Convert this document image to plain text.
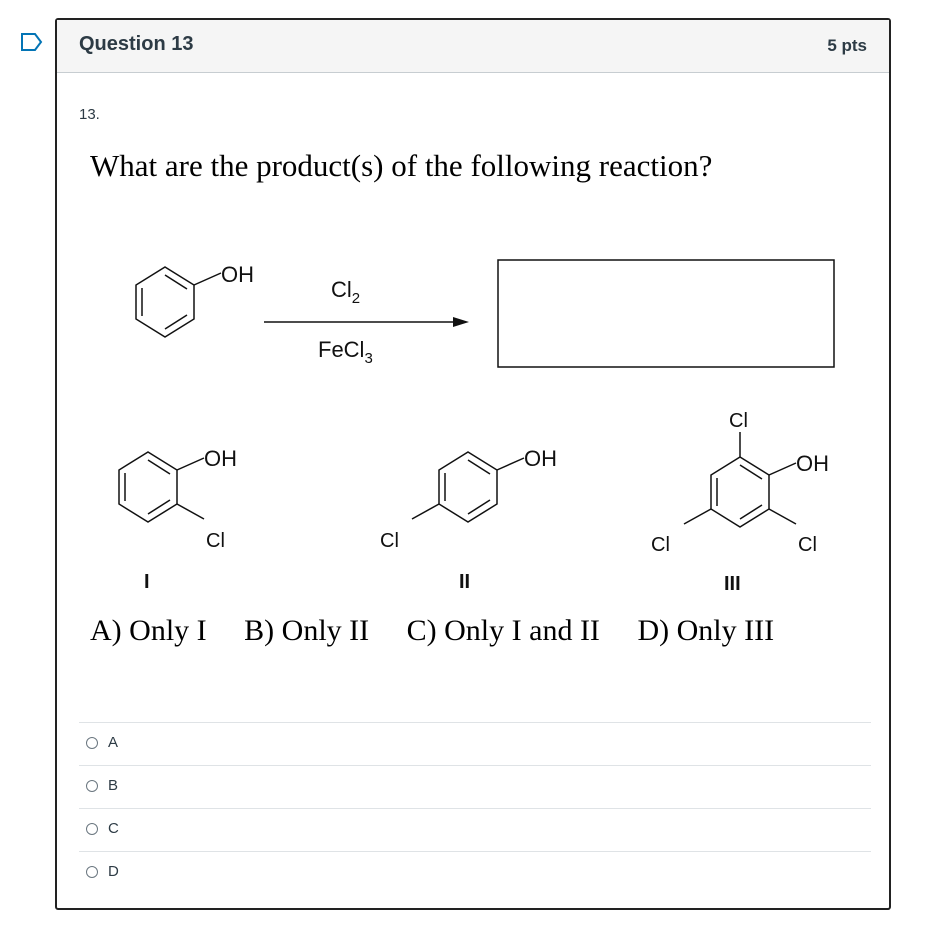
Question 13	5 pts
13.
What are the product(s) of the following reaction?
OH
$Cl_2$
FeCl$_3$
OH
Cl
I
OH
Cl
II
Cl
OH
Cl	Cl
III
A) Only I B) Only II C) Only I and II D) Only III
A
B
C
D
